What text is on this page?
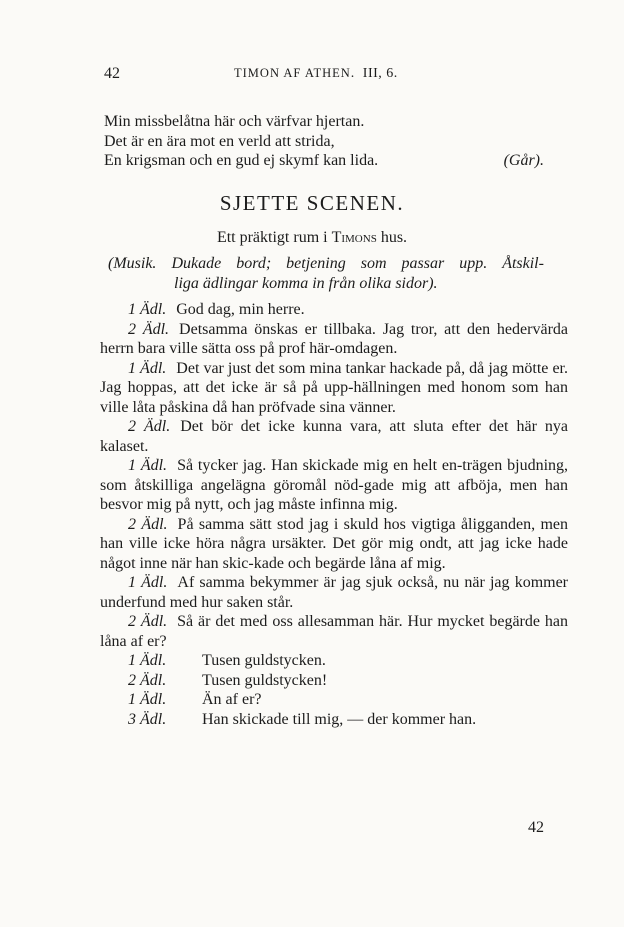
42	TIMON AF ATHEN.  III, 6.
Min missbelåtna här och värfvar hjertan.
Det är en ära mot en verld att strida,
En krigsman och en gud ej skymf kan lida.	(Går).
SJETTE SCENEN.
Ett präktigt rum i Timons hus.
(Musik. Dukade bord; betjening som passar upp. Åtskil-
liga ädlingar komma in från olika sidor).

1 Ädl. God dag, min herre.

2 Ädl. Detsamma önskas er tillbaka. Jag tror, att den hedervärda herrn bara ville sätta oss på prof här-omdagen.

1 Ädl. Det var just det som mina tankar hackade på, då jag mötte er. Jag hoppas, att det icke är så på upp-hällningen med honom som han ville låta påskina då han pröfvade sina vänner.

2 Ädl. Det bör det icke kunna vara, att sluta efter det här nya kalaset.

1 Ädl. Så tycker jag. Han skickade mig en helt en-trägen bjudning, som åtskilliga angelägna göromål nöd-gade mig att afböja, men han besvor mig på nytt, och jag måste infinna mig.

2 Ädl. På samma sätt stod jag i skuld hos vigtiga åligganden, men han ville icke höra några ursäkter. Det gör mig ondt, att jag icke hade något inne när han skic-kade och begärde låna af mig.

1 Ädl. Af samma bekymmer är jag sjuk också, nu när jag kommer underfund med hur saken står.

2 Ädl. Så är det med oss allesamman här. Hur mycket begärde han låna af er?

1 Ädl.	Tusen guldstycken.

2 Ädl.	Tusen guldstycken!

1 Ädl.	Än af er?

3 Ädl.	Han skickade till mig, — der kommer han.

42
